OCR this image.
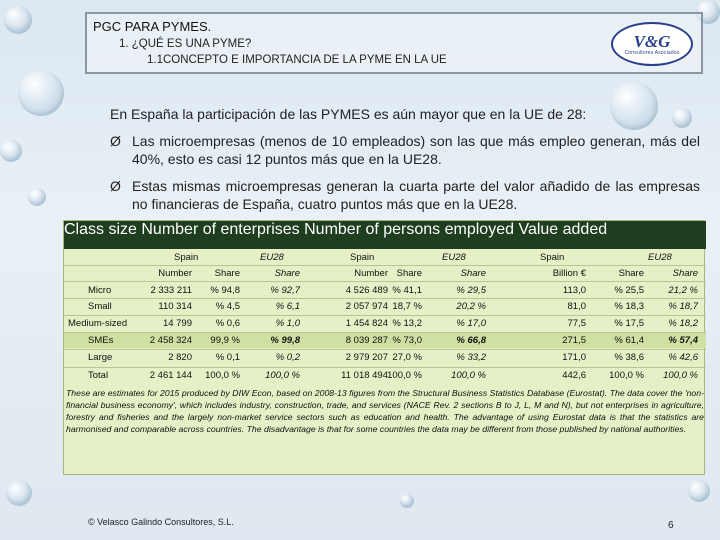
PGC PARA PYMES.
1. ¿QUÉ ES UNA PYME?
1.1CONCEPTO E IMPORTANCIA DE LA PYME EN LA UE
V&G
Consultores Asociados
En España la participación de las PYMES es aún mayor que en la UE de 28:
Ø Las microempresas (menos de 10 empleados) son las que más empleo generan, más del 40%, esto es casi 12 puntos más que en la UE28.
Ø Estas mismas microempresas generan la cuarta parte del valor añadido de las empresas no financieras de España, cuatro puntos más que en la UE28.
Class size Number of enterprises Number of persons employed Value added
Spain	EU28	Spain	EU28	Spain	EU28
Number Share	Share	Number Share	Share	Billion €	Share	Share
Micro	2 333 211 % 94,8	% 92,7	4 526 489 % 41,1	% 29,5	113,0	% 25,5	21,2 %
Small	110 314 % 4,5	% 6,1	2 057 974 18,7 %	20,2 %	81,0	% 18,3	% 18,7
Medium-sized	14 799 % 0,6	% 1,0	1 454 824 % 13,2	% 17,0	77,5	% 17,5	% 18,2
SMEs	2 458 324 99,9 %	% 99,8	8 039 287 % 73,0	% 66,8	271,5	% 61,4	% 57,4
Large	2 820 % 0,1	% 0,2	2 979 207 27,0 %	% 33,2	171,0	% 38,6	% 42,6
Total	2 461 144 100,0 %	100,0 %	11 018 494 100,0 %	100,0 %	442,6 100,0 % 100,0 %
These are estimates for 2015 produced by DIW Econ, based on 2008-13 figures from the Structural Business Statistics Database (Eurostat). The data cover the 'non-financial business economy', which includes industry, construction, trade, and services (NACE Rev. 2 sections B to J, L, M and N), but not enterprises in agriculture, forestry and fisheries and the largely non-market service sectors such as education and health. The advantage of using Eurostat data is that the statistics are harmonised and comparable across countries. The disadvantage is that for some countries the data may be different from those published by national authorities.
© Velasco Galindo Consultores, S.L.	6
